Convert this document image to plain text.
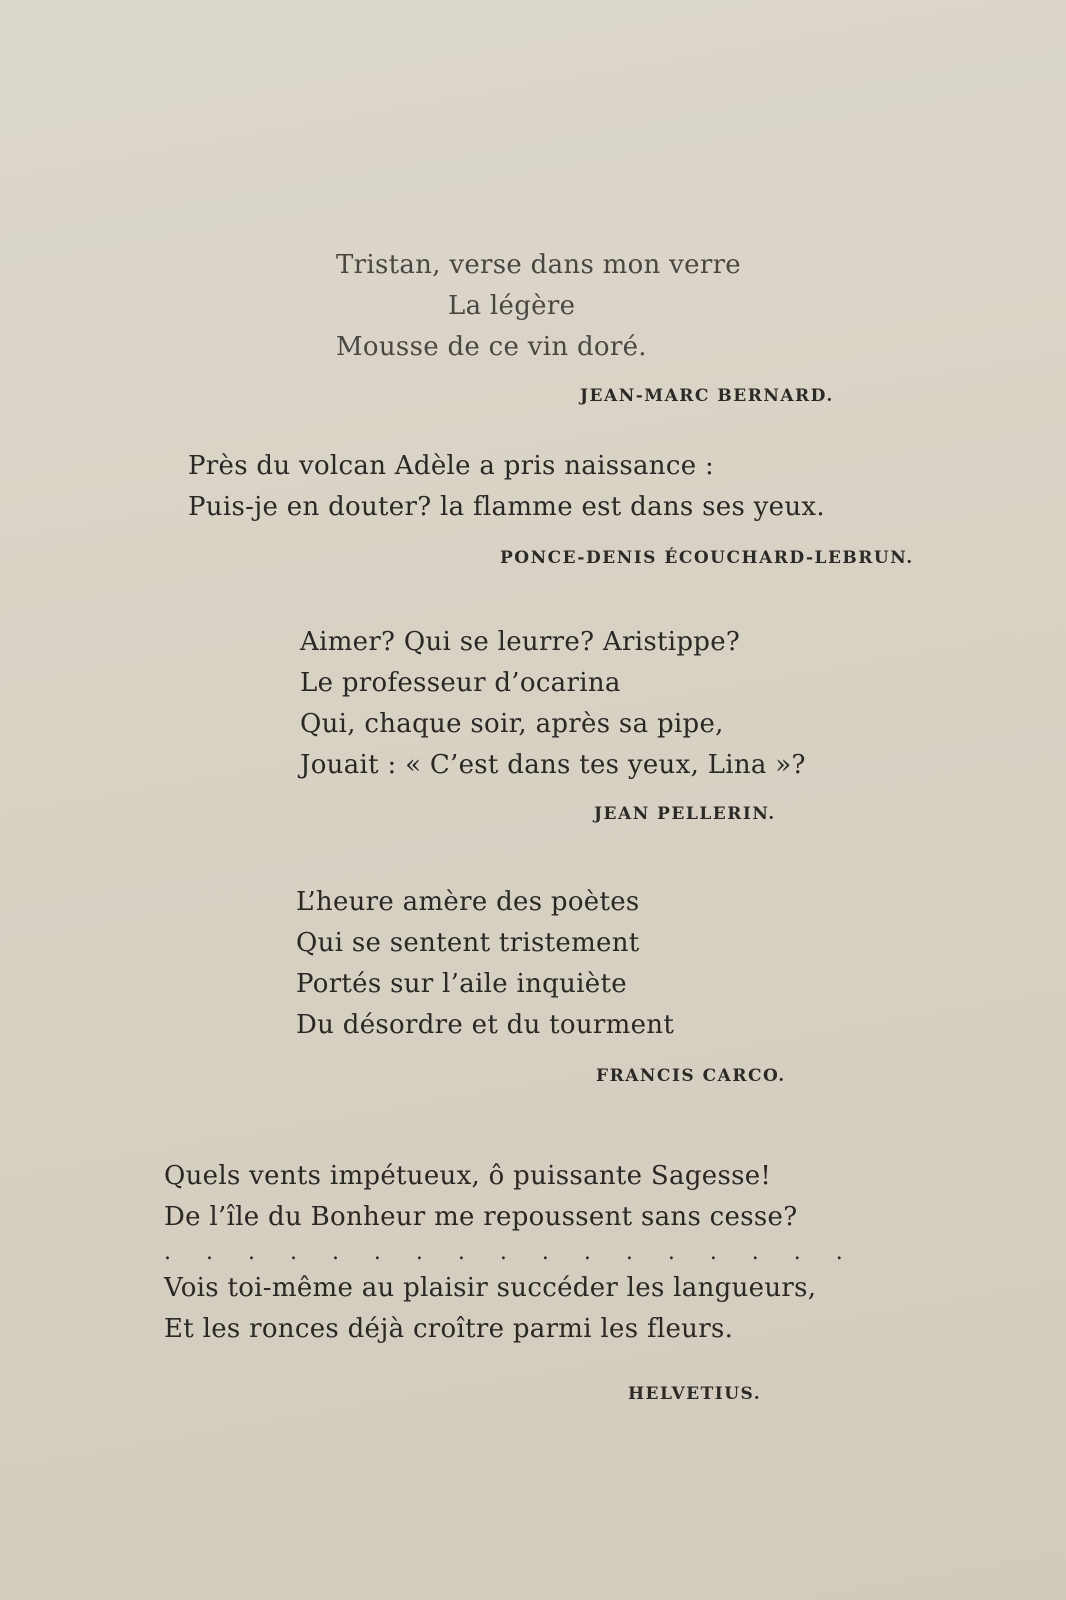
Tristan, verse dans mon verre
La légère
Mousse de ce vin doré.
JEAN-MARC BERNARD.
Près du volcan Adèle a pris naissance :
Puis-je en douter? la flamme est dans ses yeux.
PONCE-DENIS ÉCOUCHARD-LEBRUN.
Aimer? Qui se leurre? Aristippe?
Le professeur d’ocarina
Qui, chaque soir, après sa pipe,
Jouait : « C’est dans tes yeux, Lina »?
JEAN PELLERIN.
L’heure amère des poètes
Qui se sentent tristement
Portés sur l’aile inquiète
Du désordre et du tourment
FRANCIS CARCO.
Quels vents impétueux, ô puissante Sagesse!
De l’île du Bonheur me repoussent sans cesse?
. . . . . . . . . . . . . . . . .
Vois toi-même au plaisir succéder les langueurs,
Et les ronces déjà croître parmi les fleurs.
HELVETIUS.
